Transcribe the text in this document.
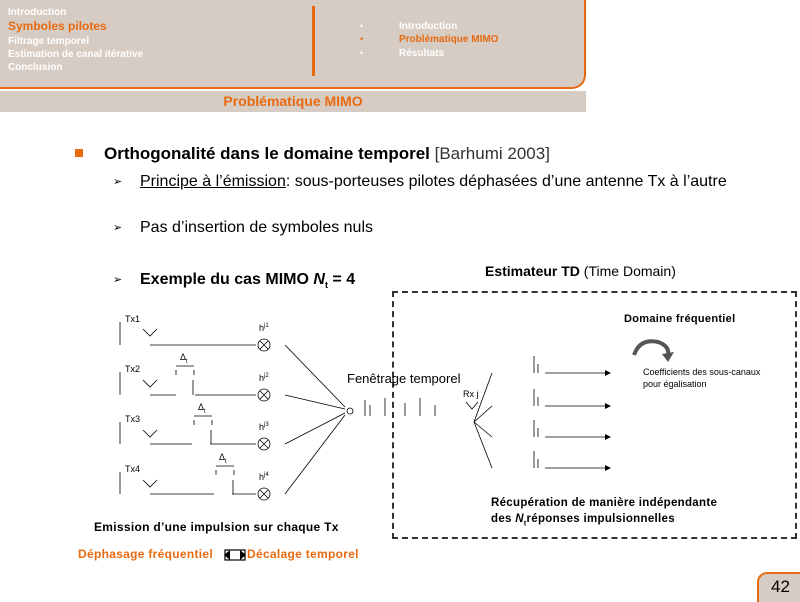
Introduction
Symboles pilotes
Filtrage temporel
Estimation de canal itérative
Conclusion
•	Introduction
•	Problématique MIMO
•	Résultats
Problématique MIMO
Orthogonalité dans le domaine temporel [Barhumi 2003]
➢ Principe à l’émission: sous-porteuses pilotes déphasées d’une antenne Tx à l’autre
➢ Pas d’insertion de symboles nuls
➢ Exemple du cas MIMO $N_t = 4$	Estimateur TD (Time Domain)
Tx1
Tx2
Tx3
Tx4
$h^{j1}$
$h^{j2}$
$h^{j3}$
$h^{j4}$
$\Delta_t$
$\Delta_t$
$\Delta_t$
Fenêtrage temporel
Rx j
Domaine fréquentiel
Coefficients des sous-canaux
pour égalisation
Récupération de manière indépendante
des $N_tréponses$ impulsionnelles
Emission d’une impulsion sur chaque Tx
Déphasage fréquentiel	Décalage temporel
42
